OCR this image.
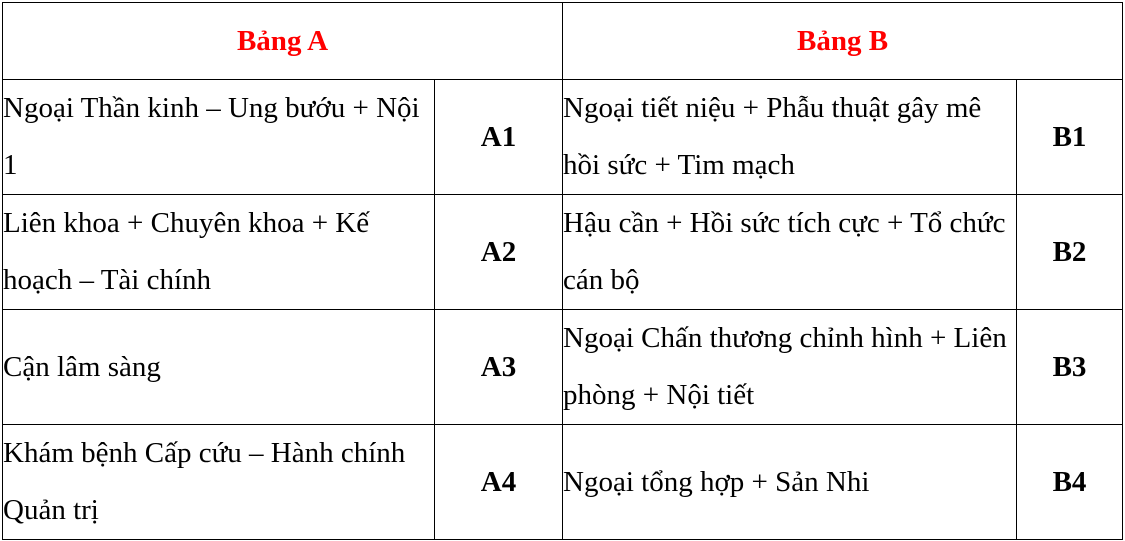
Bảng A		Bảng B	
Ngoại Thần kinh – Ung bướu + Nội 1	A1	Ngoại tiết niệu + Phẫu thuật gây mê hồi sức + Tim mạch	B1
Liên khoa + Chuyên khoa + Kế hoạch – Tài chính	A2	Hậu cần + Hồi sức tích cực + Tổ chức cán bộ	B2
Cận lâm sàng	A3	Ngoại Chấn thương chỉnh hình + Liên phòng + Nội tiết	B3
Khám bệnh Cấp cứu – Hành chính Quản trị	A4	Ngoại tổng hợp + Sản Nhi	B4
